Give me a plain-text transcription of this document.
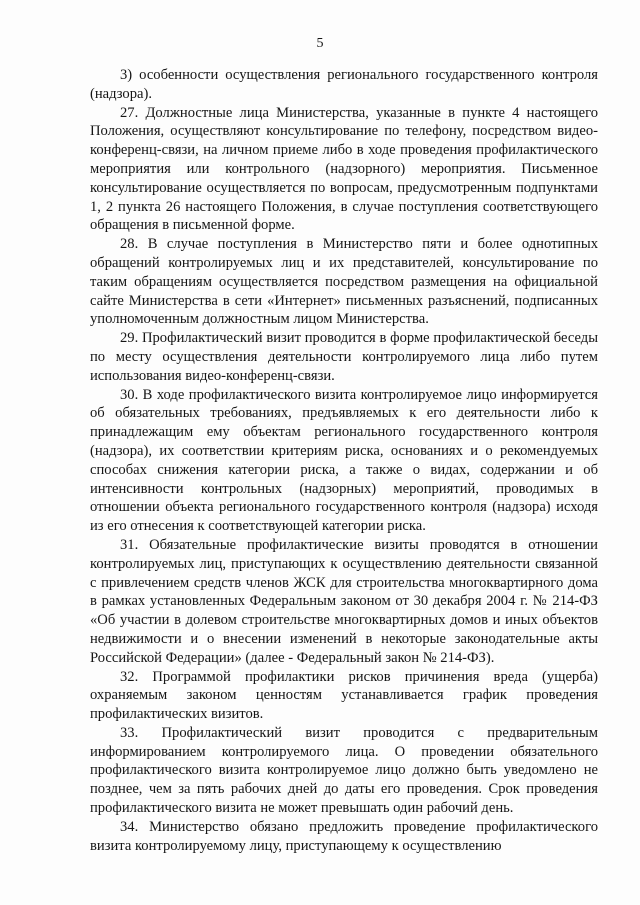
5

3) особенности осуществления регионального государственного контроля (надзора).

27. Должностные лица Министерства, указанные в пункте 4 настоящего Положения, осуществляют консультирование по телефону, посредством видео-конференц-связи, на личном приеме либо в ходе проведения профилактического мероприятия или контрольного (надзорного) мероприятия. Письменное консультирование осуществляется по вопросам, предусмотренным подпунктами 1, 2 пункта 26 настоящего Положения, в случае поступления соответствующего обращения в письменной форме.

28. В случае поступления в Министерство пяти и более однотипных обращений контролируемых лиц и их представителей, консультирование по таким обращениям осуществляется посредством размещения на официальной сайте Министерства в сети «Интернет» письменных разъяснений, подписанных уполномоченным должностным лицом Министерства.

29. Профилактический визит проводится в форме профилактической беседы по месту осуществления деятельности контролируемого лица либо путем использования видео-конференц-связи.

30. В ходе профилактического визита контролируемое лицо информируется об обязательных требованиях, предъявляемых к его деятельности либо к принадлежащим ему объектам регионального государственного контроля (надзора), их соответствии критериям риска, основаниях и о рекомендуемых способах снижения категории риска, а также о видах, содержании и об интенсивности контрольных (надзорных) мероприятий, проводимых в отношении объекта регионального государственного контроля (надзора) исходя из его отнесения к соответствующей категории риска.

31. Обязательные профилактические визиты проводятся в отношении контролируемых лиц, приступающих к осуществлению деятельности связанной с привлечением средств членов ЖСК для строительства многоквартирного дома в рамках установленных Федеральным законом от 30 декабря 2004 г. № 214-ФЗ «Об участии в долевом строительстве многоквартирных домов и иных объектов недвижимости и о внесении изменений в некоторые законодательные акты Российской Федерации» (далее - Федеральный закон № 214-ФЗ).

32. Программой профилактики рисков причинения вреда (ущерба) охраняемым законом ценностям устанавливается график проведения профилактических визитов.

33. Профилактический визит проводится с предварительным информированием контролируемого лица. О проведении обязательного профилактического визита контролируемое лицо должно быть уведомлено не позднее, чем за пять рабочих дней до даты его проведения. Срок проведения профилактического визита не может превышать один рабочий день.

34. Министерство обязано предложить проведение профилактического визита контролируемому лицу, приступающему к осуществлению
